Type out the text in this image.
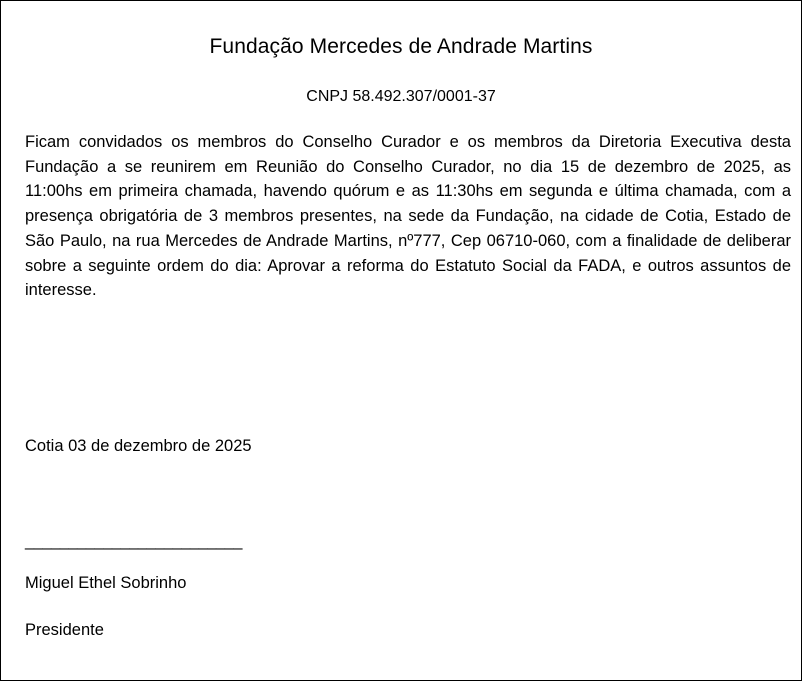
Fundação Mercedes de Andrade Martins
CNPJ 58.492.307/0001-37
Ficam convidados os membros do Conselho Curador e os membros da Diretoria Executiva desta Fundação a se reunirem em Reunião do Conselho Curador, no dia 15 de dezembro de 2025, as 11:00hs em primeira chamada, havendo quórum e as 11:30hs em segunda e última chamada, com a presença obrigatória de 3 membros presentes, na sede da Fundação, na cidade de Cotia, Estado de São Paulo, na rua Mercedes de Andrade Martins, nº777, Cep 06710-060, com a finalidade de deliberar sobre a seguinte ordem do dia: Aprovar a reforma do Estatuto Social da FADA, e outros assuntos de interesse.
Cotia 03 de dezembro de 2025
_________________________
Miguel Ethel Sobrinho
Presidente
